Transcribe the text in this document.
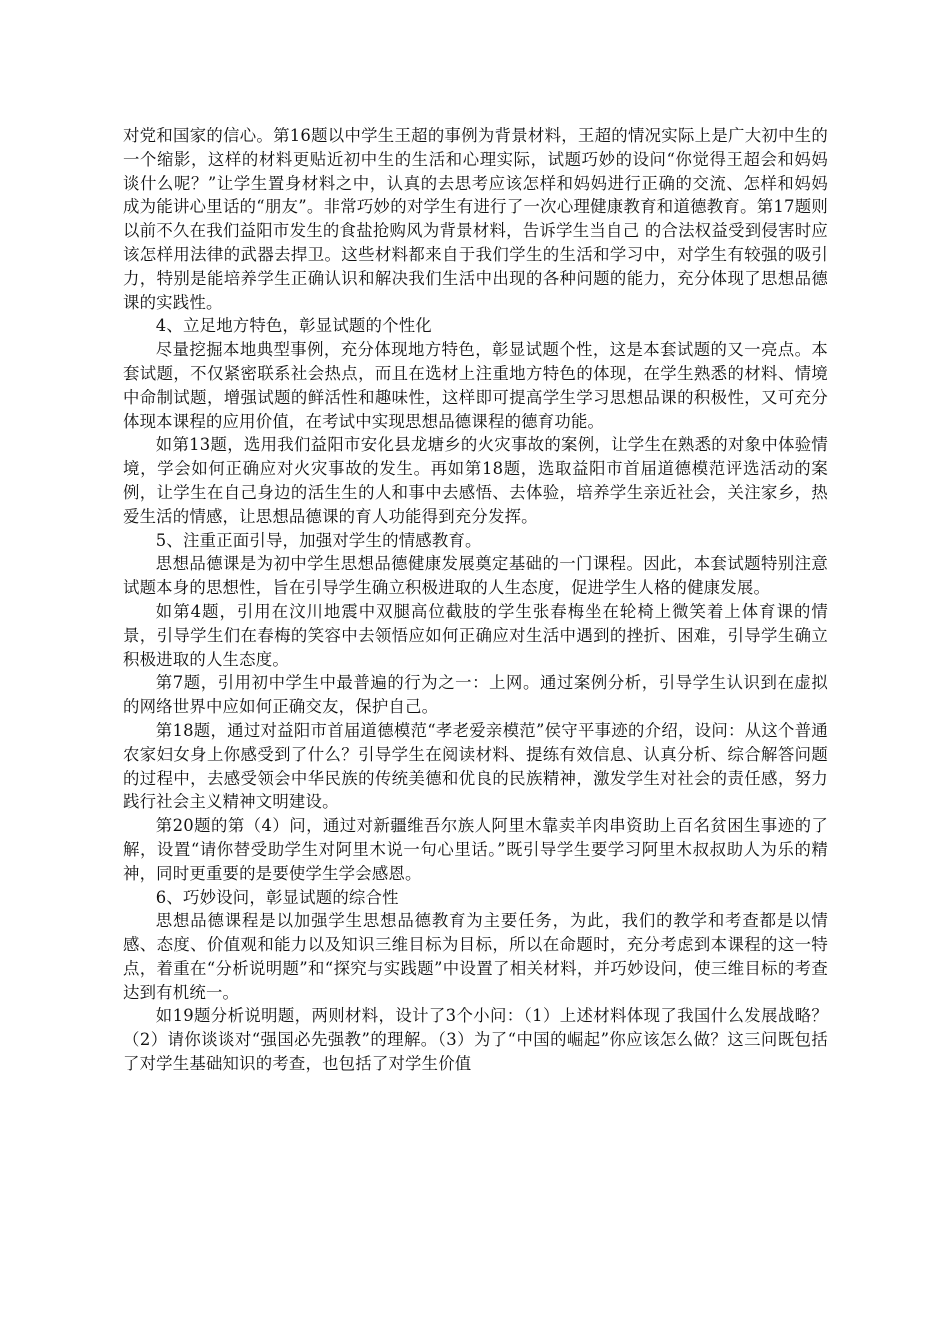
对党和国家的信心。第16题以中学生王超的事例为背景材料，王超的情况实际上是广大初中生的一个缩影，这样的材料更贴近初中生的生活和心理实际，试题巧妙的设问“你觉得王超会和妈妈谈什么呢？”让学生置身材料之中，认真的去思考应该怎样和妈妈进行正确的交流、怎样和妈妈成为能讲心里话的“朋友”。非常巧妙的对学生有进行了一次心理健康教育和道德教育。第17题则以前不久在我们益阳市发生的食盐抢购风为背景材料，告诉学生当自己 的合法权益受到侵害时应该怎样用法律的武器去捍卫。这些材料都来自于我们学生的生活和学习中，对学生有较强的吸引力，特别是能培养学生正确认识和解决我们生活中出现的各种问题的能力，充分体现了思想品德课的实践性。

4、立足地方特色，彰显试题的个性化

尽量挖掘本地典型事例，充分体现地方特色，彰显试题个性，这是本套试题的又一亮点。本套试题，不仅紧密联系社会热点，而且在选材上注重地方特色的体现，在学生熟悉的材料、情境中命制试题，增强试题的鲜活性和趣味性，这样即可提高学生学习思想品课的积极性，又可充分体现本课程的应用价值，在考试中实现思想品德课程的德育功能。

如第13题，选用我们益阳市安化县龙塘乡的火灾事故的案例，让学生在熟悉的对象中体验情境，学会如何正确应对火灾事故的发生。再如第18题，选取益阳市首届道德模范评选活动的案例，让学生在自己身边的活生生的人和事中去感悟、去体验，培养学生亲近社会，关注家乡，热爱生活的情感，让思想品德课的育人功能得到充分发挥。

5、注重正面引导，加强对学生的情感教育。

思想品德课是为初中学生思想品德健康发展奠定基础的一门课程。因此，本套试题特别注意试题本身的思想性，旨在引导学生确立积极进取的人生态度，促进学生人格的健康发展。

如第4题，引用在汶川地震中双腿高位截肢的学生张春梅坐在轮椅上微笑着上体育课的情景，引导学生们在春梅的笑容中去领悟应如何正确应对生活中遇到的挫折、困难，引导学生确立积极进取的人生态度。

第7题，引用初中学生中最普遍的行为之一：上网。通过案例分析，引导学生认识到在虚拟的网络世界中应如何正确交友，保护自己。

第18题，通过对益阳市首届道德模范“孝老爱亲模范”侯守平事迹的介绍，设问：从这个普通农家妇女身上你感受到了什么？引导学生在阅读材料、提练有效信息、认真分析、综合解答问题的过程中，去感受领会中华民族的传统美德和优良的民族精神，激发学生对社会的责任感，努力践行社会主义精神文明建设。

第20题的第（4）问，通过对新疆维吾尔族人阿里木靠卖羊肉串资助上百名贫困生事迹的了解，设置“请你替受助学生对阿里木说一句心里话。”既引导学生要学习阿里木叔叔助人为乐的精神，同时更重要的是要使学生学会感恩。

6、巧妙设问，彰显试题的综合性

思想品德课程是以加强学生思想品德教育为主要任务，为此，我们的教学和考查都是以情感、态度、价值观和能力以及知识三维目标为目标，所以在命题时，充分考虑到本课程的这一特点，着重在“分析说明题”和“探究与实践题”中设置了相关材料，并巧妙设问，使三维目标的考查达到有机统一。

如19题分析说明题，两则材料，设计了3个小问：（1）上述材料体现了我国什么发展战略？（2）请你谈谈对“强国必先强教”的理解。（3）为了“中国的崛起”你应该怎么做？这三问既包括了对学生基础知识的考查，也包括了对学生价值
